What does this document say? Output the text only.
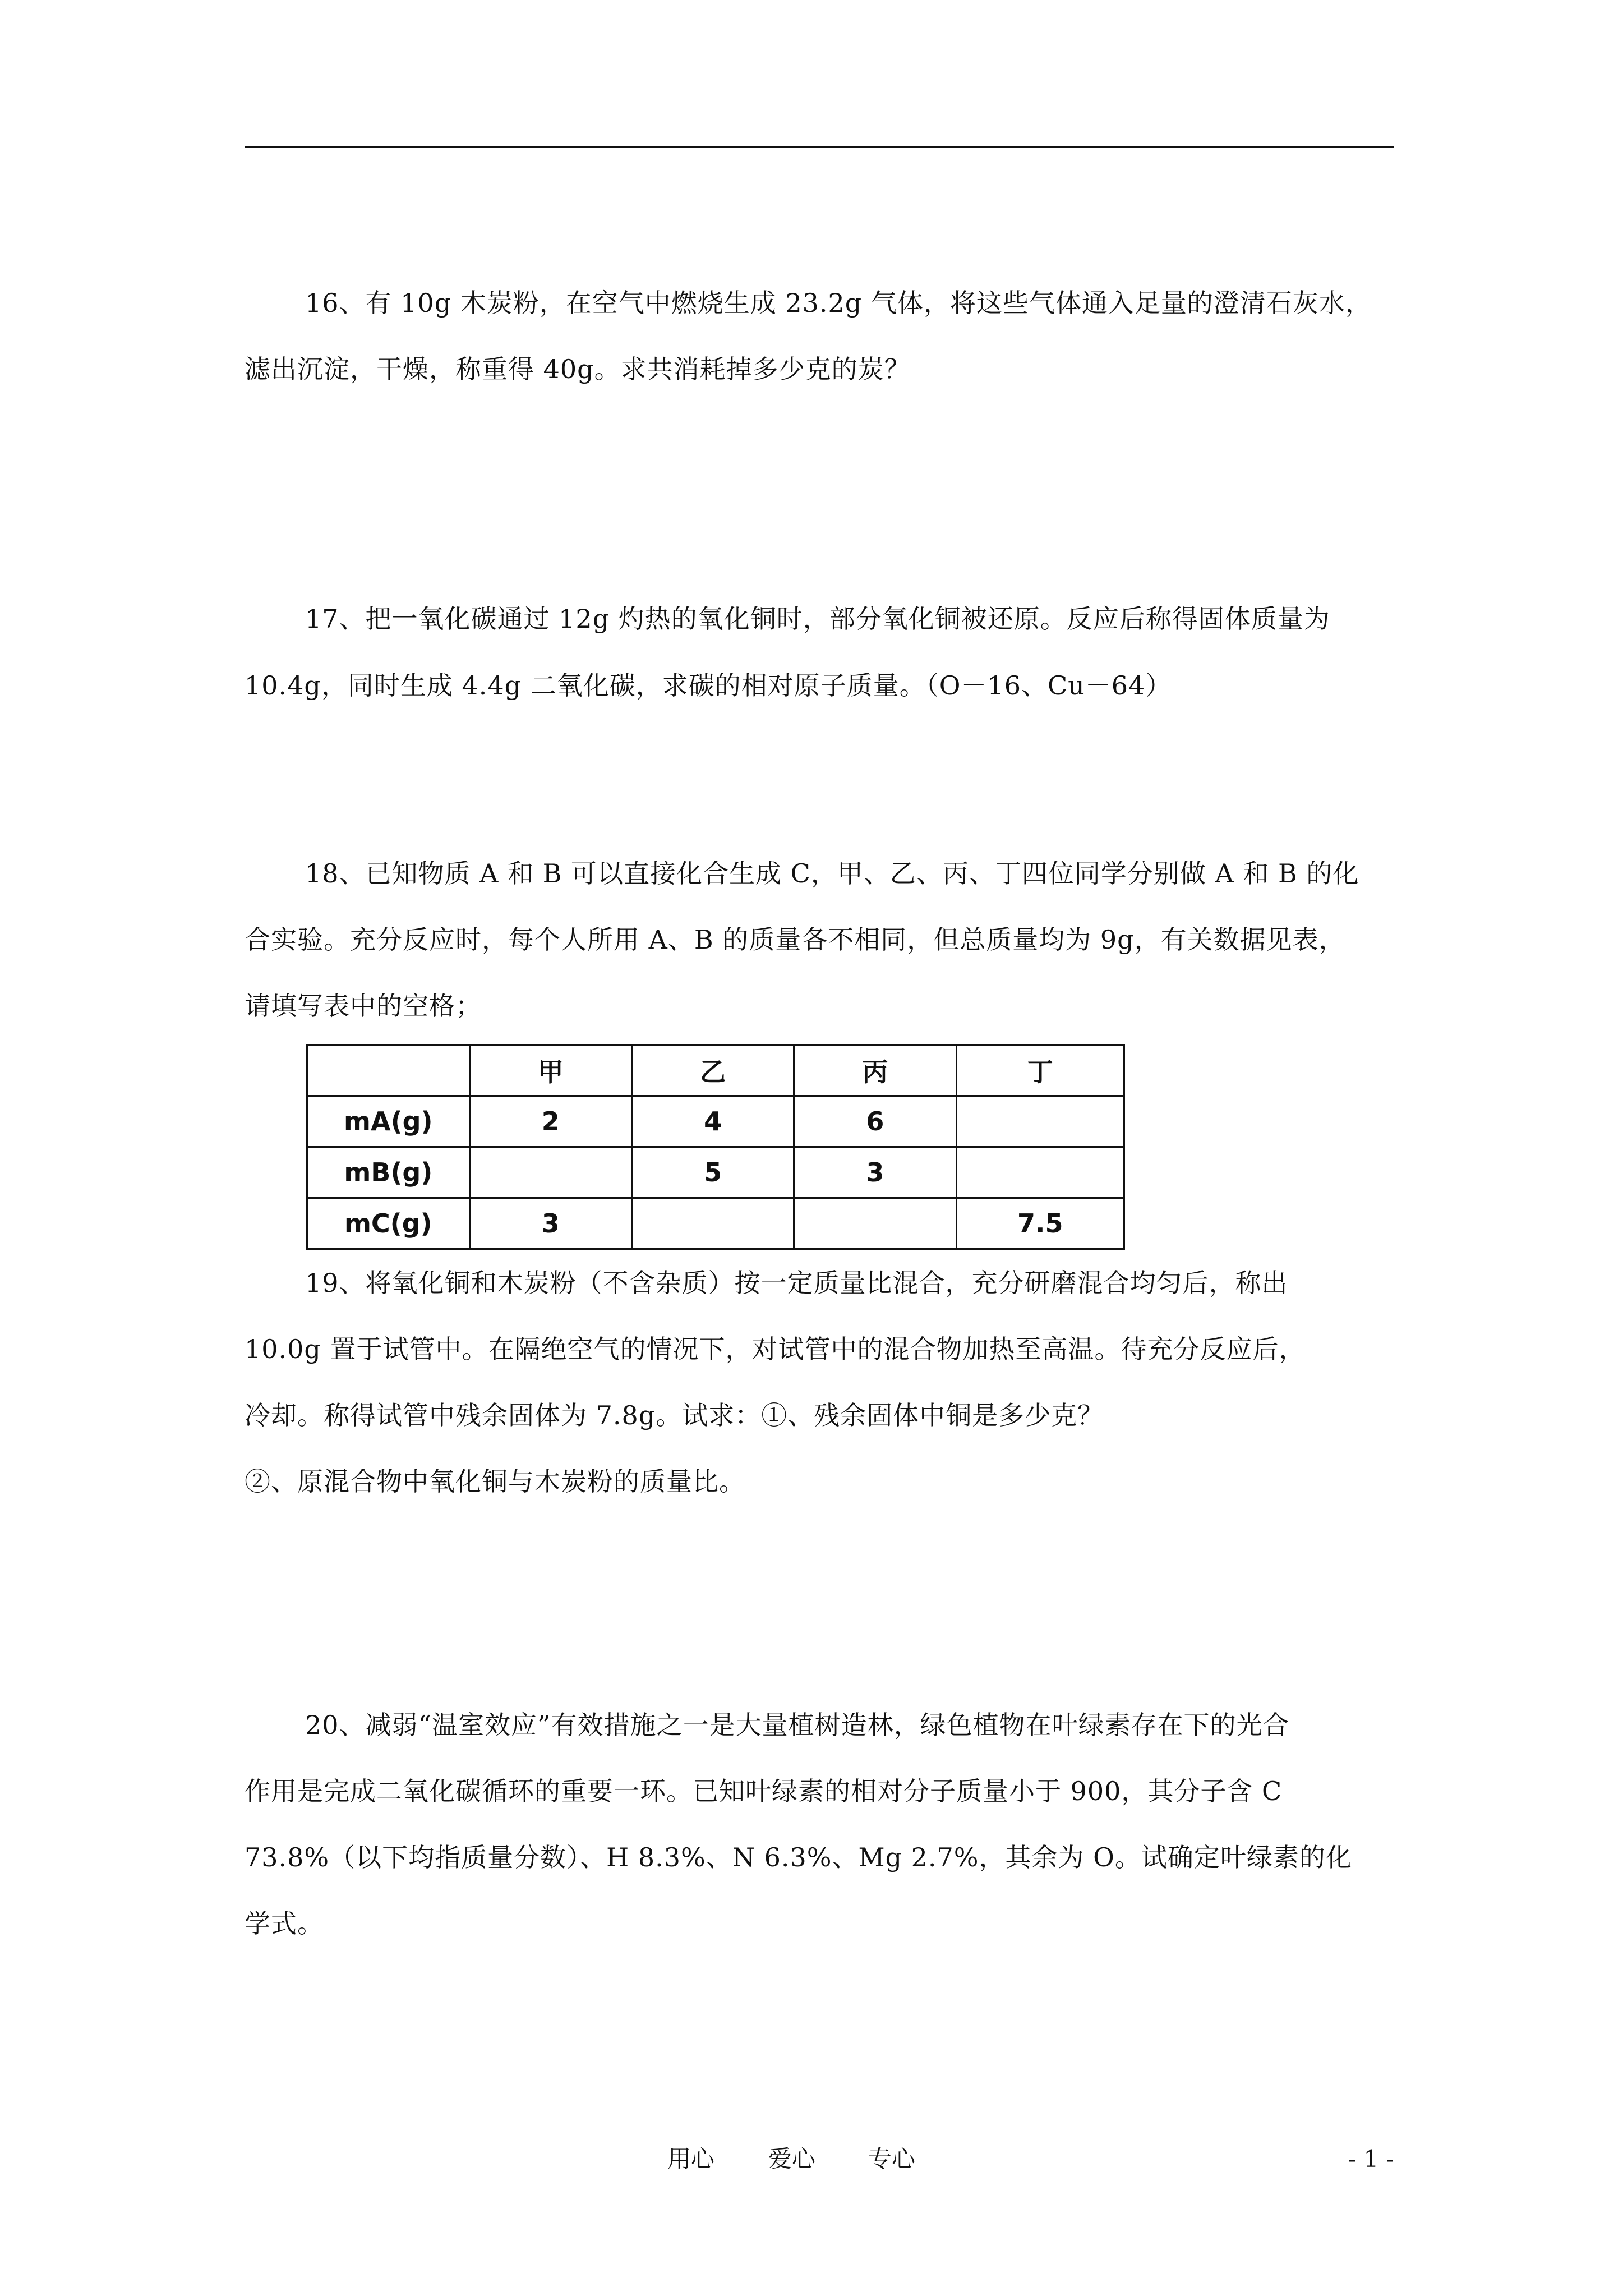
16、有 10g 木炭粉，在空气中燃烧生成 23.2g 气体，将这些气体通入足量的澄清石灰水，
滤出沉淀，干燥，称重得 40g。求共消耗掉多少克的炭？
17、把一氧化碳通过 12g 灼热的氧化铜时，部分氧化铜被还原。反应后称得固体质量为
10.4g，同时生成 4.4g 二氧化碳，求碳的相对原子质量。（O－16、Cu－64）
18、已知物质 A 和 B 可以直接化合生成 C，甲、乙、丙、丁四位同学分别做 A 和 B 的化
合实验。充分反应时，每个人所用 A、B 的质量各不相同，但总质量均为 9g，有关数据见表，
请填写表中的空格；
	甲	乙	丙	丁
mA(g)	2	4	6	
mB(g)		5	3	
mC(g)	3			7.5
19、将氧化铜和木炭粉（不含杂质）按一定质量比混合，充分研磨混合均匀后，称出
10.0g 置于试管中。在隔绝空气的情况下，对试管中的混合物加热至高温。待充分反应后，
冷却。称得试管中残余固体为 7.8g。试求：①、残余固体中铜是多少克？
②、原混合物中氧化铜与木炭粉的质量比。
20、减弱“温室效应”有效措施之一是大量植树造林，绿色植物在叶绿素存在下的光合
作用是完成二氧化碳循环的重要一环。已知叶绿素的相对分子质量小于 900，其分子含 C
73.8%（以下均指质量分数）、H 8.3%、N 6.3%、Mg 2.7%，其余为 O。试确定叶绿素的化
学式。
用心 爱心 专心	- 1 -
